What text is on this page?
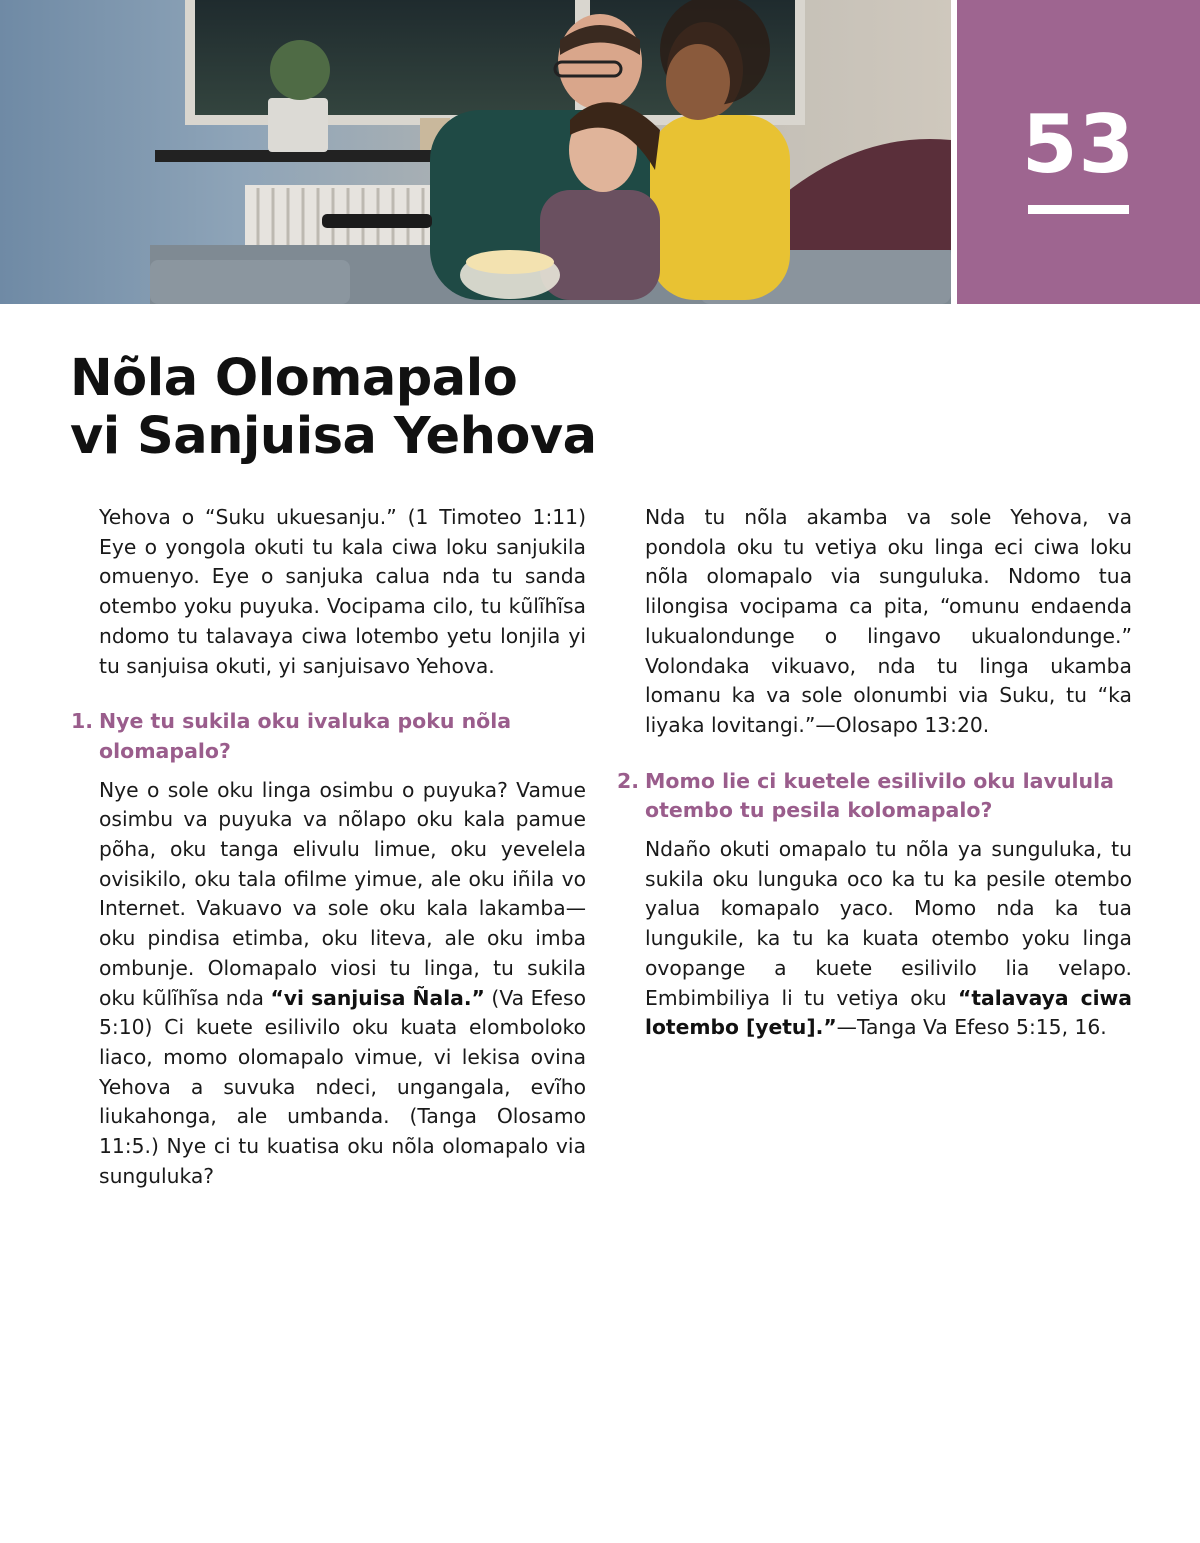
53
Nõla Olomapalo
vi Sanjuisa Yehova

Yehova o “Suku ukuesanju.” (1 Timoteo 1:11) Eye o yongola okuti tu kala ciwa loku sanjukila omuenyo. Eye o sanjuka calua nda tu sanda otembo yoku puyuka. Vocipama cilo, tu kũlĩhĩsa ndomo tu talavaya ciwa lotembo yetu lonjila yi tu sanjuisa okuti, yi sanjuisavo Yehova.

1. Nye tu sukila oku ivaluka poku nõla olomapalo?

Nye o sole oku linga osimbu o puyuka? Vamue osimbu va puyuka va nõlapo oku kala pamue põha, oku tanga elivulu limue, oku yevelela ovisikilo, oku tala ofilme yimue, ale oku iñila vo Internet. Vakuavo va sole oku kala lakamba—oku pindisa etimba, oku liteva, ale oku imba ombunje. Olomapalo viosi tu linga, tu sukila oku kũlĩhĩsa nda “vi sanjuisa Ñala.” (Va Efeso 5:10) Ci kuete esilivilo oku kuata elomboloko liaco, momo olomapalo vimue, vi lekisa ovina Yehova a suvuka ndeci, ungangala, evĩho liukahonga, ale umbanda. (Tanga Olosamo 11:5.) Nye ci tu kuatisa oku nõla olomapalo via sunguluka?

Nda tu nõla akamba va sole Yehova, va pondola oku tu vetiya oku linga eci ciwa loku nõla olomapalo via sunguluka. Ndomo tua lilongisa vocipama ca pita, “omunu endaenda lukualondunge o lingavo ukualondunge.” Volondaka vikuavo, nda tu linga ukamba lomanu ka va sole olonumbi via Suku, tu “ka liyaka lovitangi.”—Olosapo 13:20.

2. Momo lie ci kuetele esilivilo oku lavulula otembo tu pesila kolomapalo?

Ndaño okuti omapalo tu nõla ya sunguluka, tu sukila oku lunguka oco ka tu ka pesile otembo yalua komapalo yaco. Momo nda ka tua lungukile, ka tu ka kuata otembo yoku linga ovopange a kuete esilivilo lia velapo. Embimbiliya li tu vetiya oku “talavaya ciwa lotembo [yetu].”—Tanga Va Efeso 5:15, 16.
